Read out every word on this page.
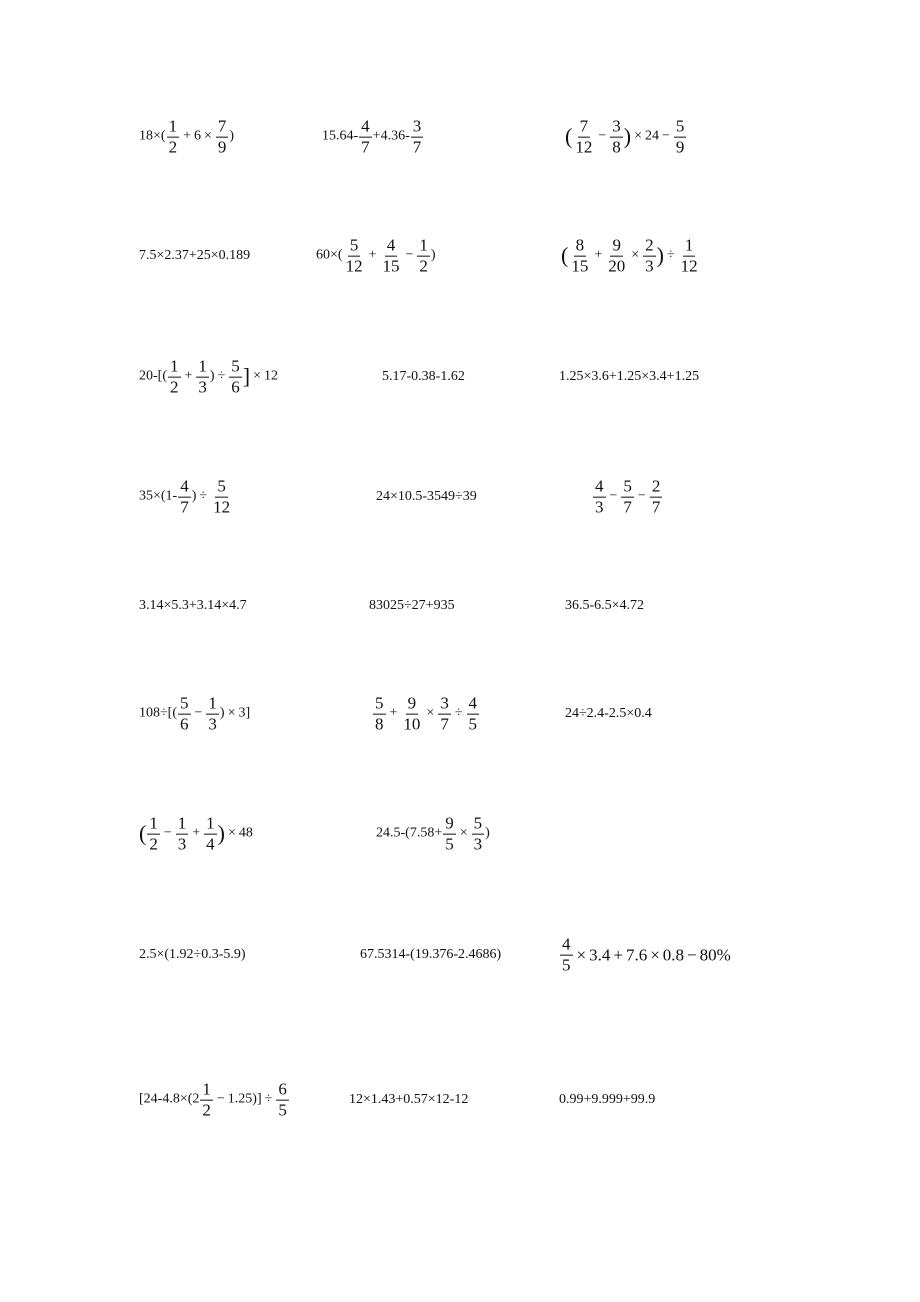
$18\times( \frac{1}{2} + 6 \times \frac{7}{9}$ )	$15.64- \frac{4}{7} +4.36- \frac{3}{7}$	( $\frac{7}{12} - \frac{3}{8}$ ) × $24 - \frac{5}{9}$
7.5×2.37+25×0.189	$60\times( \frac{5}{12} + \frac{4}{15} - \frac{1}{2}$ )	( $\frac{8}{15} + \frac{9}{20} \times \frac{2}{3}$ ) ÷ $\frac{1}{12}$
$20-[( \frac{1}{2} + \frac{1}{3}$ ) ÷ $\frac{5}{6}$ ] × 12	5.17-0.38-1.62	1.25×3.6+1.25×3.4+1.25
$35\times(1- \frac{4}{7}$ ) ÷ $\frac{5}{12}$	24×10.5-3549÷39	$\frac{4}{3} - \frac{5}{7} - \frac{2}{7}$
3.14×5.3+3.14×4.7	83025÷27+935	36.5-6.5×4.72
$108\div[( \frac{5}{6} - \frac{1}{3}$ ) × 3]	$\frac{5}{8} + \frac{9}{10} \times \frac{3}{7} \div \frac{4}{5}$	24÷2.4-2.5×0.4
( $\frac{1}{2} - \frac{1}{3} + \frac{1}{4}$ ) × 48	$24.5-(7.58+ \frac{9}{5} \times \frac{5}{3}$ )
2.5×(1.92÷0.3-5.9)	67.5314-(19.376-2.4686)	$\frac{4}{5} \times 3.4 + 7.6 \times 0.8 - 80\%$
$[24-4.8\times(2 \frac{1}{2} - 1.25)] \div \frac{6}{5}$	12×1.43+0.57×12-12	0.99+9.999+99.9
